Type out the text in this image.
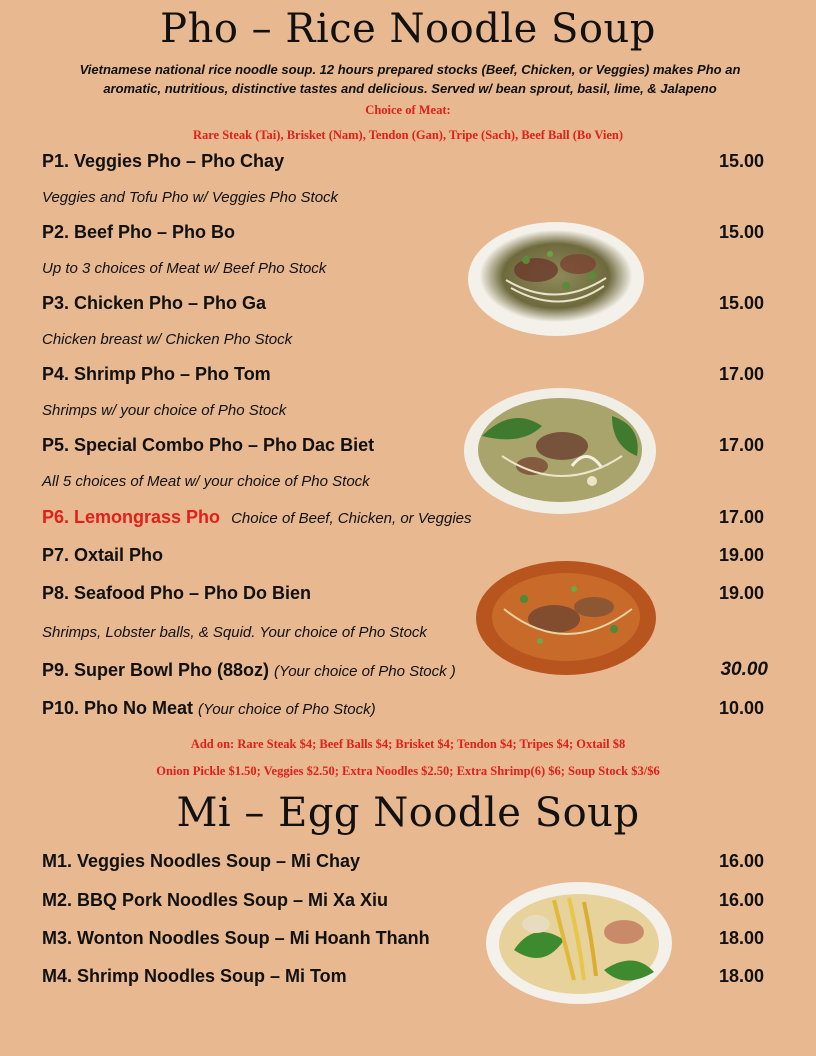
Pho – Rice Noodle Soup
Vietnamese national rice noodle soup. 12 hours prepared stocks (Beef, Chicken, or Veggies) makes Pho an
aromatic, nutritious, distinctive tastes and delicious. Served w/ bean sprout, basil, lime, & Jalapeno
Choice of Meat:
Rare Steak (Tai), Brisket (Nam), Tendon (Gan), Tripe (Sach), Beef Ball (Bo Vien)
P1. Veggies Pho – Pho Chay	15.00
Veggies and Tofu Pho w/ Veggies Pho Stock
P2. Beef Pho – Pho Bo	15.00
Up to 3 choices of Meat w/ Beef Pho Stock
P3. Chicken Pho – Pho Ga	15.00
Chicken breast w/ Chicken Pho Stock
P4. Shrimp Pho – Pho Tom	17.00
Shrimps w/ your choice of Pho Stock
P5. Special Combo Pho – Pho Dac Biet	17.00
All 5 choices of Meat w/ your choice of Pho Stock
P6. Lemongrass Pho Choice of Beef, Chicken, or Veggies	17.00
P7. Oxtail Pho	19.00
P8. Seafood Pho – Pho Do Bien	19.00
Shrimps, Lobster balls, & Squid. Your choice of Pho Stock
P9. Super Bowl Pho (88oz) (Your choice of Pho Stock )	30.00
P10. Pho No Meat (Your choice of Pho Stock)	10.00
Add on: Rare Steak $4; Beef Balls $4; Brisket $4; Tendon $4; Tripes $4; Oxtail $8
Onion Pickle $1.50; Veggies $2.50; Extra Noodles $2.50; Extra Shrimp(6) $6; Soup Stock $3/$6
Mi – Egg Noodle Soup
M1. Veggies Noodles Soup – Mi Chay	16.00
M2. BBQ Pork Noodles Soup – Mi Xa Xiu	16.00
M3. Wonton Noodles Soup – Mi Hoanh Thanh	18.00
M4. Shrimp Noodles Soup – Mi Tom	18.00
